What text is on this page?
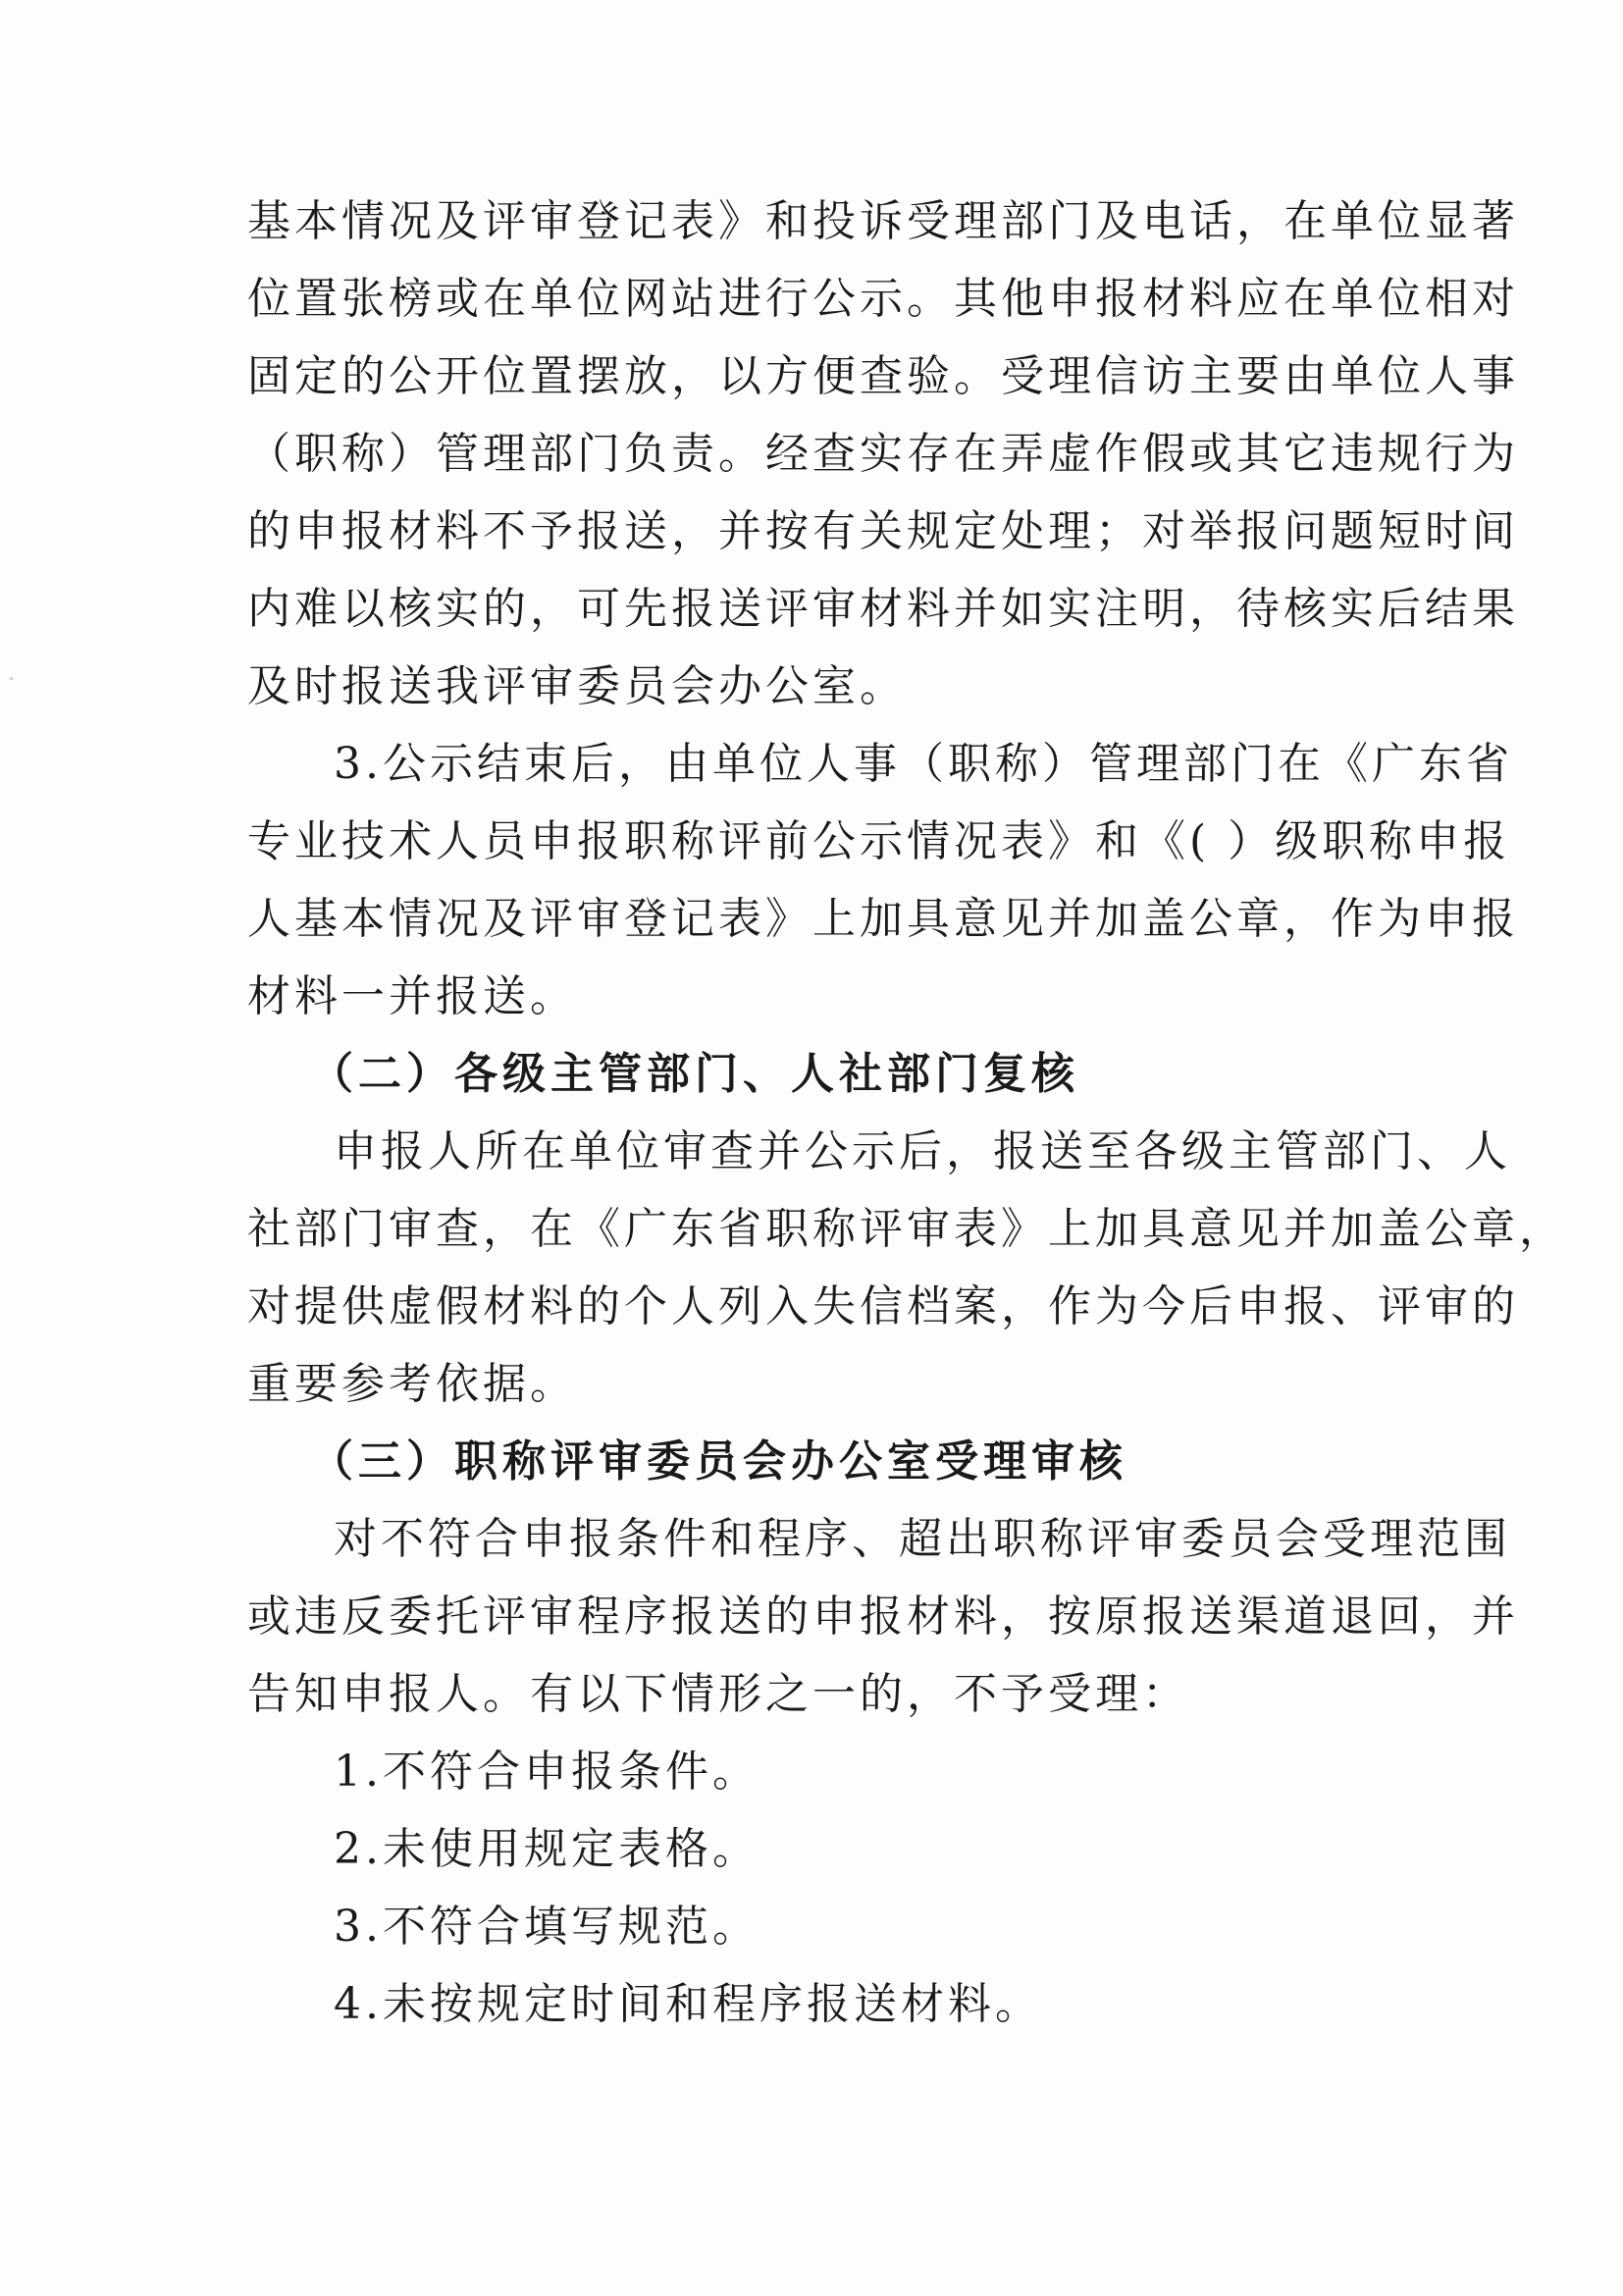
基本情况及评审登记表》和投诉受理部门及电话，在单位显著
位置张榜或在单位网站进行公示。其他申报材料应在单位相对
固定的公开位置摆放，以方便查验。受理信访主要由单位人事
（职称）管理部门负责。经查实存在弄虚作假或其它违规行为
的申报材料不予报送，并按有关规定处理；对举报问题短时间
内难以核实的，可先报送评审材料并如实注明，待核实后结果
及时报送我评审委员会办公室。
3.公示结束后，由单位人事（职称）管理部门在《广东省
专业技术人员申报职称评前公示情况表》和《( ）级职称申报
人基本情况及评审登记表》上加具意见并加盖公章，作为申报
材料一并报送。
（二）各级主管部门、人社部门复核
申报人所在单位审查并公示后，报送至各级主管部门、人
社部门审查，在《广东省职称评审表》上加具意见并加盖公章，
对提供虚假材料的个人列入失信档案，作为今后申报、评审的
重要参考依据。
（三）职称评审委员会办公室受理审核
对不符合申报条件和程序、超出职称评审委员会受理范围
或违反委托评审程序报送的申报材料，按原报送渠道退回，并
告知申报人。有以下情形之一的，不予受理：
1.不符合申报条件。
2.未使用规定表格。
3.不符合填写规范。
4.未按规定时间和程序报送材料。
